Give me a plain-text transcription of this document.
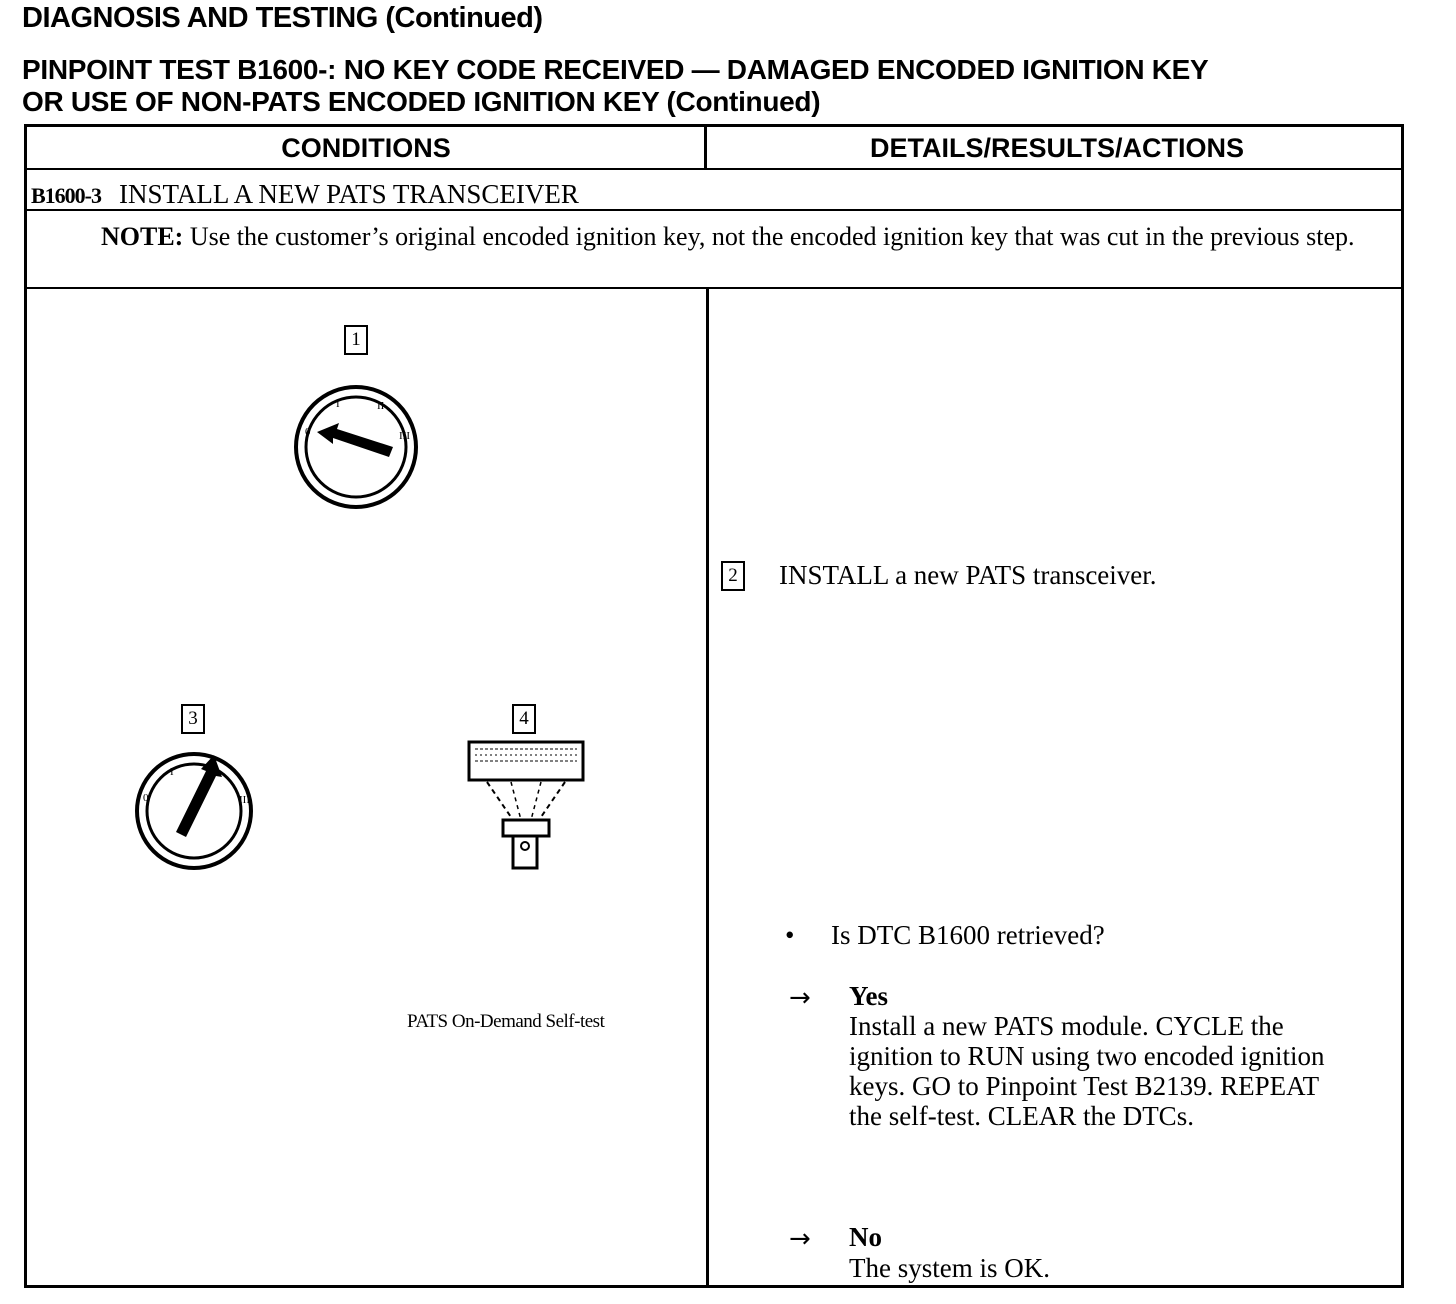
DIAGNOSIS AND TESTING (Continued)
PINPOINT TEST B1600-: NO KEY CODE RECEIVED — DAMAGED ENCODED IGNITION KEY
OR USE OF NON-PATS ENCODED IGNITION KEY (Continued)
CONDITIONS	DETAILS/RESULTS/ACTIONS
B1600-3 INSTALL A NEW PATS TRANSCEIVER
NOTE: Use the customer’s original encoded ignition key, not the encoded ignition key that was cut in the previous step.
1
0
I	II
III
3
0
I
III
4
PATS On-Demand Self-test
2 INSTALL a new PATS transceiver.
• Is DTC B1600 retrieved?
→ Yes
Install a new PATS module. CYCLE the
ignition to RUN using two encoded ignition
keys. GO to Pinpoint Test B2139. REPEAT
the self-test. CLEAR the DTCs.
→ No
The system is OK.
